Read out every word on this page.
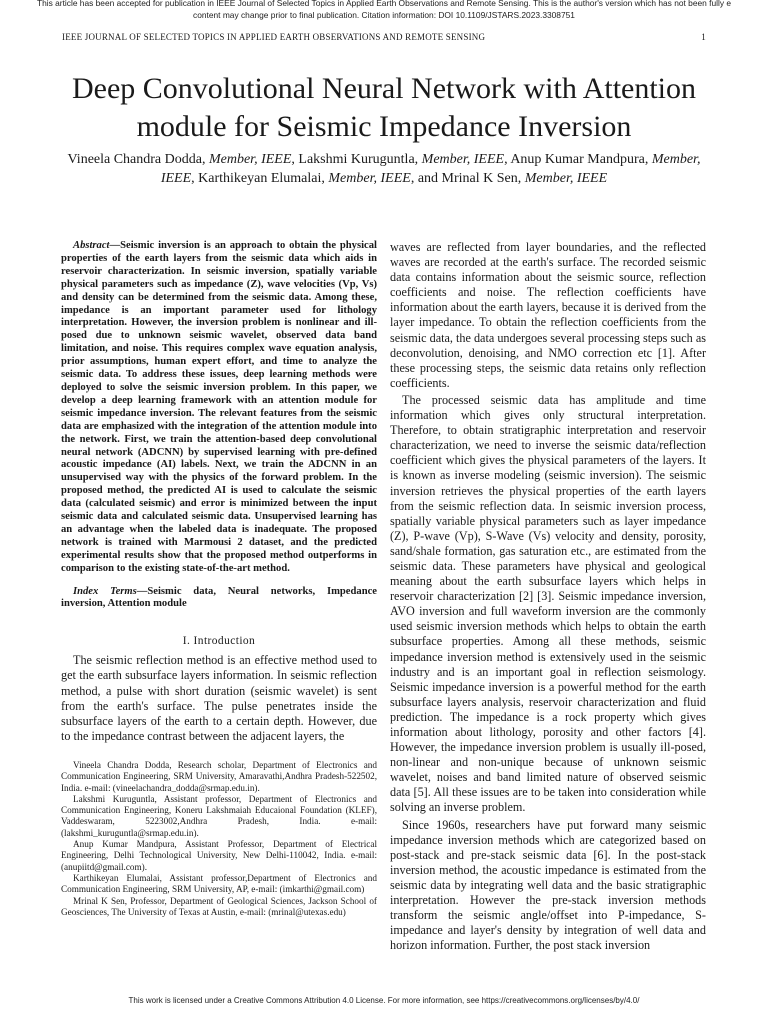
This article has been accepted for publication in IEEE Journal of Selected Topics in Applied Earth Observations and Remote Sensing. This is the author's version which has not been fully e
content may change prior to final publication. Citation information: DOI 10.1109/JSTARS.2023.3308751
IEEE JOURNAL OF SELECTED TOPICS IN APPLIED EARTH OBSERVATIONS AND REMOTE SENSING	1
Deep Convolutional Neural Network with Attention module for Seismic Impedance Inversion
Vineela Chandra Dodda, Member, IEEE, Lakshmi Kuruguntla, Member, IEEE, Anup Kumar Mandpura, Member, IEEE, Karthikeyan Elumalai, Member, IEEE, and Mrinal K Sen, Member, IEEE

Abstract—Seismic inversion is an approach to obtain the physical properties of the earth layers from the seismic data which aids in reservoir characterization. In seismic inversion, spatially variable physical parameters such as impedance (Z), wave velocities (Vp, Vs) and density can be determined from the seismic data. Among these, impedance is an important parameter used for lithology interpretation. However, the inversion problem is nonlinear and ill-posed due to unknown seismic wavelet, observed data band limitation, and noise. This requires complex wave equation analysis, prior assumptions, human expert effort, and time to analyze the seismic data. To address these issues, deep learning methods were deployed to solve the seismic inversion problem. In this paper, we develop a deep learning framework with an attention module for seismic impedance inversion. The relevant features from the seismic data are emphasized with the integration of the attention module into the network. First, we train the attention-based deep convolutional neural network (ADCNN) by supervised learning with pre-defined acoustic impedance (AI) labels. Next, we train the ADCNN in an unsupervised way with the physics of the forward problem. In the proposed method, the predicted AI is used to calculate the seismic data (calculated seismic) and error is minimized between the input seismic data and calculated seismic data. Unsupervised learning has an advantage when the labeled data is inadequate. The proposed network is trained with Marmousi 2 dataset, and the predicted experimental results show that the proposed method outperforms in comparison to the existing state-of-the-art method.

Index Terms—Seismic data, Neural networks, Impedance inversion, Attention module

I. Introduction

The seismic reflection method is an effective method used to get the earth subsurface layers information. In seismic reflection method, a pulse with short duration (seismic wavelet) is sent from the earth's surface. The pulse penetrates inside the subsurface layers of the earth to a certain depth. However, due to the impedance contrast between the adjacent layers, the

Vineela Chandra Dodda, Research scholar, Department of Electronics and Communication Engineering, SRM University, Amaravathi,Andhra Pradesh-522502, India. e-mail: (vineelachandra_dodda@srmap.edu.in).

Lakshmi Kuruguntla, Assistant professor, Department of Electronics and Communication Engineering, Koneru Lakshmaiah Educaional Foundation (KLEF), Vaddeswaram, 5223002,Andhra Pradesh, India. e-mail: (lakshmi_kuruguntla@srmap.edu.in).

Anup Kumar Mandpura, Assistant Professor, Department of Electrical Engineering, Delhi Technological University, New Delhi-110042, India. e-mail: (anupiitd@gmail.com).

Karthikeyan Elumalai, Assistant professor,Department of Electronics and Communication Engineering, SRM University, AP, e-mail: (imkarthi@gmail.com)

Mrinal K Sen, Professor, Department of Geological Sciences, Jackson School of Geosciences, The University of Texas at Austin, e-mail: (mrinal@utexas.edu)

waves are reflected from layer boundaries, and the reflected waves are recorded at the earth's surface. The recorded seismic data contains information about the seismic source, reflection coefficients and noise. The reflection coefficients have information about the earth layers, because it is derived from the layer impedance. To obtain the reflection coefficients from the seismic data, the data undergoes several processing steps such as deconvolution, denoising, and NMO correction etc [1]. After these processing steps, the seismic data retains only reflection coefficients.

The processed seismic data has amplitude and time information which gives only structural interpretation. Therefore, to obtain stratigraphic interpretation and reservoir characterization, we need to inverse the seismic data/reflection coefficient which gives the physical parameters of the layers. It is known as inverse modeling (seismic inversion). The seismic inversion retrieves the physical properties of the earth layers from the seismic reflection data. In seismic inversion process, spatially variable physical parameters such as layer impedance (Z), P-wave (Vp), S-Wave (Vs) velocity and density, porosity, sand/shale formation, gas saturation etc., are estimated from the seismic data. These parameters have physical and geological meaning about the earth subsurface layers which helps in reservoir characterization [2] [3]. Seismic impedance inversion, AVO inversion and full waveform inversion are the commonly used seismic inversion methods which helps to obtain the earth subsurface properties. Among all these methods, seismic impedance inversion method is extensively used in the seismic industry and is an important goal in reflection seismology. Seismic impedance inversion is a powerful method for the earth subsurface layers analysis, reservoir characterization and fluid prediction. The impedance is a rock property which gives information about lithology, porosity and other factors [4]. However, the impedance inversion problem is usually ill-posed, non-linear and non-unique because of unknown seismic wavelet, noises and band limited nature of observed seismic data [5]. All these issues are to be taken into consideration while solving an inverse problem.

Since 1960s, researchers have put forward many seismic impedance inversion methods which are categorized based on post-stack and pre-stack seismic data [6]. In the post-stack inversion method, the acoustic impedance is estimated from the seismic data by integrating well data and the basic stratigraphic interpretation. However the pre-stack inversion methods transform the seismic angle/offset into P-impedance, S-impedance and layer's density by integration of well data and horizon information. Further, the post stack inversion

This work is licensed under a Creative Commons Attribution 4.0 License. For more information, see https://creativecommons.org/licenses/by/4.0/
